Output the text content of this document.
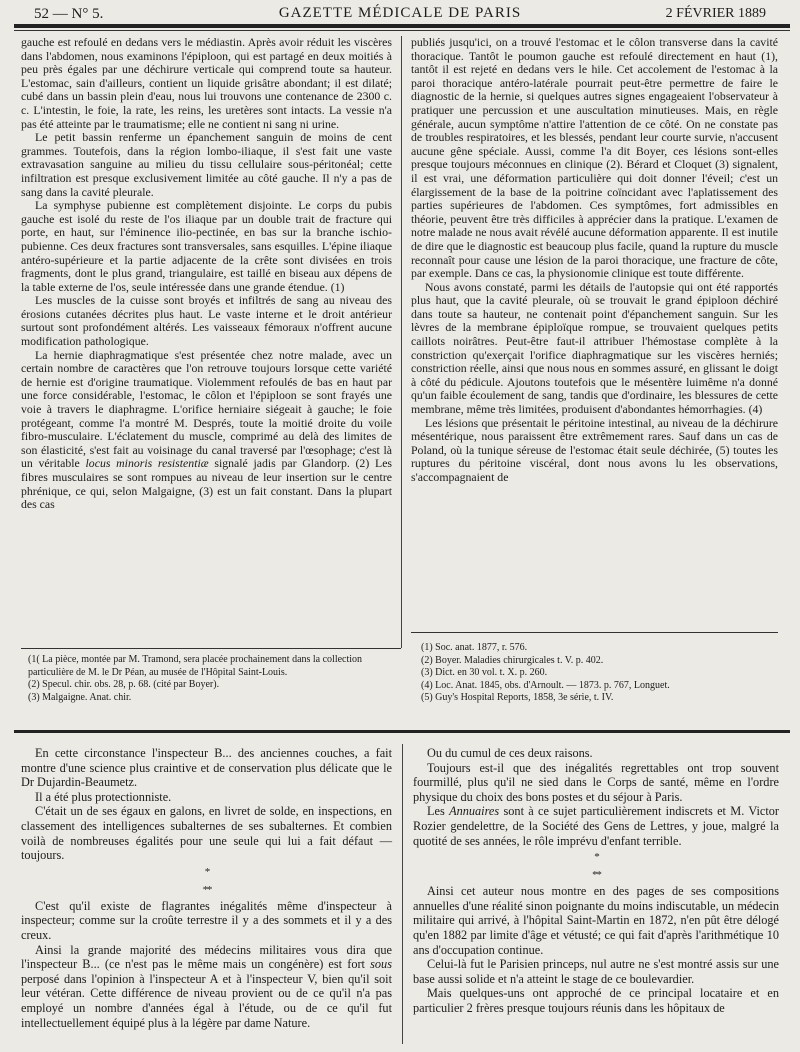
52 — N° 5.	GAZETTE MÉDICALE DE PARIS	2 FÉVRIER 1889

gauche est refoulé en dedans vers le médiastin. Après avoir réduit les viscères dans l'abdomen, nous examinons l'épiploon, qui est partagé en deux moitiés à peu près égales par une déchirure verticale qui comprend toute sa hauteur. L'estomac, sain d'ailleurs, contient un liquide grisâtre abondant; il est dilaté; cubé dans un bassin plein d'eau, nous lui trouvons une contenance de 2300 c. c. L'intestin, le foie, la rate, les reins, les uretères sont intacts. La vessie n'a pas été atteinte par le traumatisme; elle ne contient ni sang ni urine.

Le petit bassin renferme un épanchement sanguin de moins de cent grammes. Toutefois, dans la région lombo-iliaque, il s'est fait une vaste extravasation sanguine au milieu du tissu cellulaire sous-péritonéal; cette infiltration est presque exclusivement limitée au côté gauche. Il n'y a pas de sang dans la cavité pleurale.

La symphyse pubienne est complètement disjointe. Le corps du pubis gauche est isolé du reste de l'os iliaque par un double trait de fracture qui porte, en haut, sur l'éminence ilio-pectinée, en bas sur la branche ischio-pubienne. Ces deux fractures sont transversales, sans esquilles. L'épine iliaque antéro-supérieure et la partie adjacente de la crête sont divisées en trois fragments, dont le plus grand, triangulaire, est taillé en biseau aux dépens de la table externe de l'os, seule intéressée dans une grande étendue. (1)

Les muscles de la cuisse sont broyés et infiltrés de sang au niveau des érosions cutanées décrites plus haut. Le vaste interne et le droit antérieur surtout sont profondément altérés. Les vaisseaux fémoraux n'offrent aucune modification pathologique.

La hernie diaphragmatique s'est présentée chez notre malade, avec un certain nombre de caractères que l'on retrouve toujours lorsque cette variété de hernie est d'origine traumatique. Violemment refoulés de bas en haut par une force considérable, l'estomac, le côlon et l'épiploon se sont frayés une voie à travers le diaphragme. L'orifice herniaire siégeait à gauche; le foie protégeant, comme l'a montré M. Després, toute la moitié droite du voile fibro-musculaire. L'éclatement du muscle, comprimé au delà des limites de son élasticité, s'est fait au voisinage du canal traversé par l'œsophage; c'est là un véritable locus minoris resistentiæ signalé jadis par Glandorp. (2) Les fibres musculaires se sont rompues au niveau de leur insertion sur le centre phrénique, ce qui, selon Malgaigne, (3) est un fait constant. Dans la plupart des cas

publiés jusqu'ici, on a trouvé l'estomac et le côlon transverse dans la cavité thoracique. Tantôt le poumon gauche est refoulé directement en haut (1), tantôt il est rejeté en dedans vers le hile. Cet accolement de l'estomac à la paroi thoracique antéro-latérale pourrait peut-être permettre de faire le diagnostic de la hernie, si quelques autres signes engageaient l'observateur à pratiquer une percussion et une auscultation minutieuses. Mais, en règle générale, aucun symptôme n'attire l'attention de ce côté. On ne constate pas de troubles respiratoires, et les blessés, pendant leur courte survie, n'accusent aucune gêne spéciale. Aussi, comme l'a dit Boyer, ces lésions sont-elles presque toujours méconnues en clinique (2). Bérard et Cloquet (3) signalent, il est vrai, une déformation particulière qui doit donner l'éveil; c'est un élargissement de la base de la poitrine coïncidant avec l'aplatissement des parties supérieures de l'abdomen. Ces symptômes, fort admissibles en théorie, peuvent être très difficiles à apprécier dans la pratique. L'examen de notre malade ne nous avait révélé aucune déformation apparente. Il est inutile de dire que le diagnostic est beaucoup plus facile, quand la rupture du muscle reconnaît pour cause une lésion de la paroi thoracique, une fracture de côte, par exemple. Dans ce cas, la physionomie clinique est toute différente.

Nous avons constaté, parmi les détails de l'autopsie qui ont été rapportés plus haut, que la cavité pleurale, où se trouvait le grand épiploon déchiré dans toute sa hauteur, ne contenait point d'épanchement sanguin. Sur les lèvres de la membrane épiploïque rompue, se trouvaient quelques petits caillots noirâtres. Peut-être faut-il attribuer l'hémostase complète à la constriction qu'exerçait l'orifice diaphragmatique sur les viscères herniés; constriction réelle, ainsi que nous nous en sommes assuré, en glissant le doigt à côté du pédicule. Ajoutons toutefois que le mésentère luimême n'a donné qu'un faible écoulement de sang, tandis que d'ordinaire, les blessures de cette membrane, même très limitées, produisent d'abondantes hémorrhagies. (4)

Les lésions que présentait le péritoine intestinal, au niveau de la déchirure mésentérique, nous paraissent être extrêmement rares. Sauf dans un cas de Poland, où la tunique séreuse de l'estomac était seule déchirée, (5) toutes les ruptures du péritoine viscéral, dont nous avons lu les observations, s'accompagnaient de

(1( La pièce, montée par M. Tramond, sera placée prochainement dans la collection particulière de M. le Dr Péan, au musée de l'Hôpital Saint-Louis.
(2) Specul. chir. obs. 28, p. 68. (cité par Boyer).
(3) Malgaigne. Anat. chir.
(1) Soc. anat. 1877, r. 576.
(2) Boyer. Maladies chirurgicales t. V. p. 402.
(3) Dict. en 30 vol. t. X. p. 260.
(4) Loc. Anat. 1845, obs. d'Arnoult. — 1873. p. 767, Longuet.
(5) Guy's Hospital Reports, 1858, 3e série, t. IV.

En cette circonstance l'inspecteur B... des anciennes couches, a fait montre d'une science plus craintive et de conservation plus délicate que le Dr Dujardin-Beaumetz.

Il a été plus protectionniste.

C'était un de ses égaux en galons, en livret de solde, en inspections, en classement des intelligences subalternes de ses subalternes. Et combien voilà de nombreuses égalités pour une seule qui lui a fait défaut — toujours.

*
* *

C'est qu'il existe de flagrantes inégalités même d'inspecteur à inspecteur; comme sur la croûte terrestre il y a des sommets et il y a des creux.

Ainsi la grande majorité des médecins militaires vous dira que l'inspecteur B... (ce n'est pas le même mais un congénère) est fort sous perposé dans l'opinion à l'inspecteur A et à l'inspecteur V, bien qu'il soit leur vétéran. Cette différence de niveau provient ou de ce qu'il n'a pas employé un nombre d'années égal à l'étude, ou de ce qu'il fut intellectuellement équipé plus à la légère par dame Nature.

Ou du cumul de ces deux raisons.

Toujours est-il que des inégalités regrettables ont trop souvent fourmillé, plus qu'il ne sied dans le Corps de santé, même en l'ordre physique du choix des bons postes et du séjour à Paris.

Les Annuaires sont à ce sujet particulièrement indiscrets et M. Victor Rozier gendelettre, de la Société des Gens de Lettres, y joue, malgré la quotité de ses années, le rôle imprévu d'enfant terrible.

*
* *

Ainsi cet auteur nous montre en des pages de ses compositions annuelles d'une réalité sinon poignante du moins indiscutable, un médecin militaire qui arrivé, à l'hôpital Saint-Martin en 1872, n'en pût être délogé qu'en 1882 par limite d'âge et vétusté; ce qui fait d'après l'arithmétique 10 ans d'occupation continue.

Celui-là fut le Parisien princeps, nul autre ne s'est montré assis sur une base aussi solide et n'a atteint le stage de ce boulevardier.

Mais quelques-uns ont approché de ce principal locataire et en particulier 2 frères presque toujours réunis dans les hôpitaux de
